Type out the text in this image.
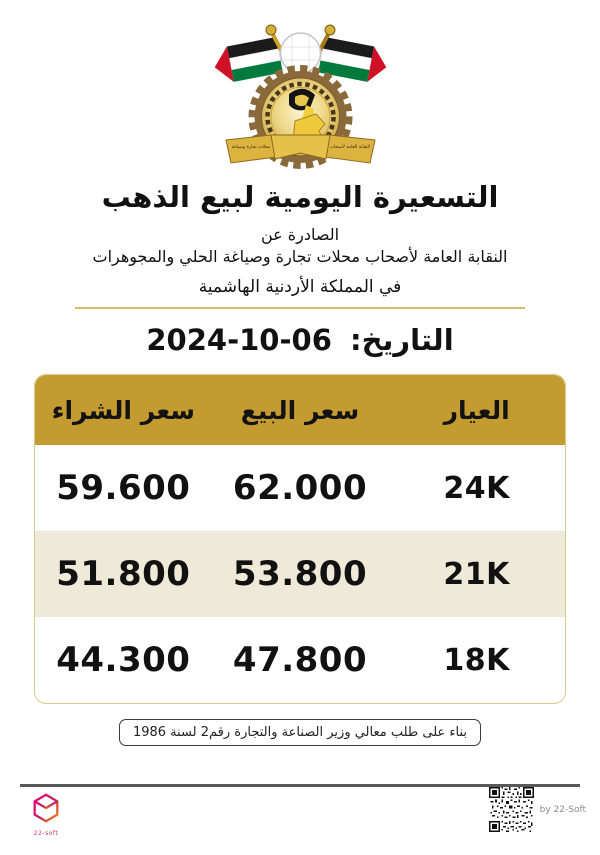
محلات تجارة وصياغة	النقابة العامة لأصحاب
التسعيرة اليومية لبيع الذهب
الصادرة عن
النقابة العامة لأصحاب محلات تجارة وصياغة الحلي والمجوهرات
في المملكة الأردنية الهاشمية
التاريخ: 06-10-2024
العيار
سعر البيع
سعر الشراء
24K
62.000
59.600
21K
53.800
51.800
18K
47.800
44.300
بناء على طلب معالي وزير الصناعة والتجارة رقم2 لسنة 1986
22-soft
by 22-Soft
